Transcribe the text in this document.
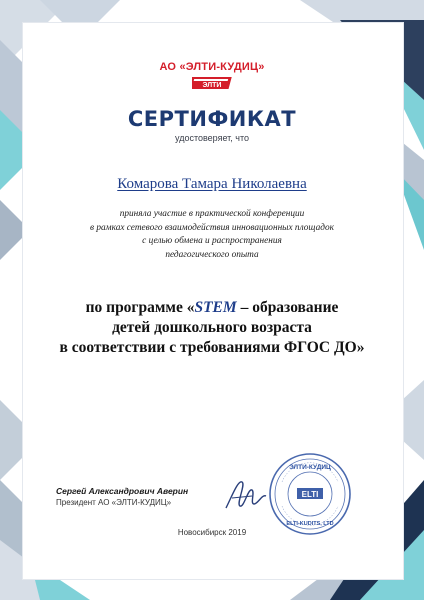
АО «ЭЛТИ-КУДИЦ»
ЭЛТИ
СЕРТИФИКАТ
удостоверяет, что
Комарова Тамара Николаевна
приняла участие в практической конференции
в рамках сетевого взаимодействия инновационных площадок
с целью обмена и распространения
педагогического опыта
по программе «STEM – образование
детей дошкольного возраста
в соответствии с требованиями ФГОС ДО»
Сергей Александрович Аверин
Президент АО «ЭЛТИ-КУДИЦ»
ЭЛТИ-КУДИЦ
ELTI
ELTI-KUDITS, LTD
Новосибирск 2019
